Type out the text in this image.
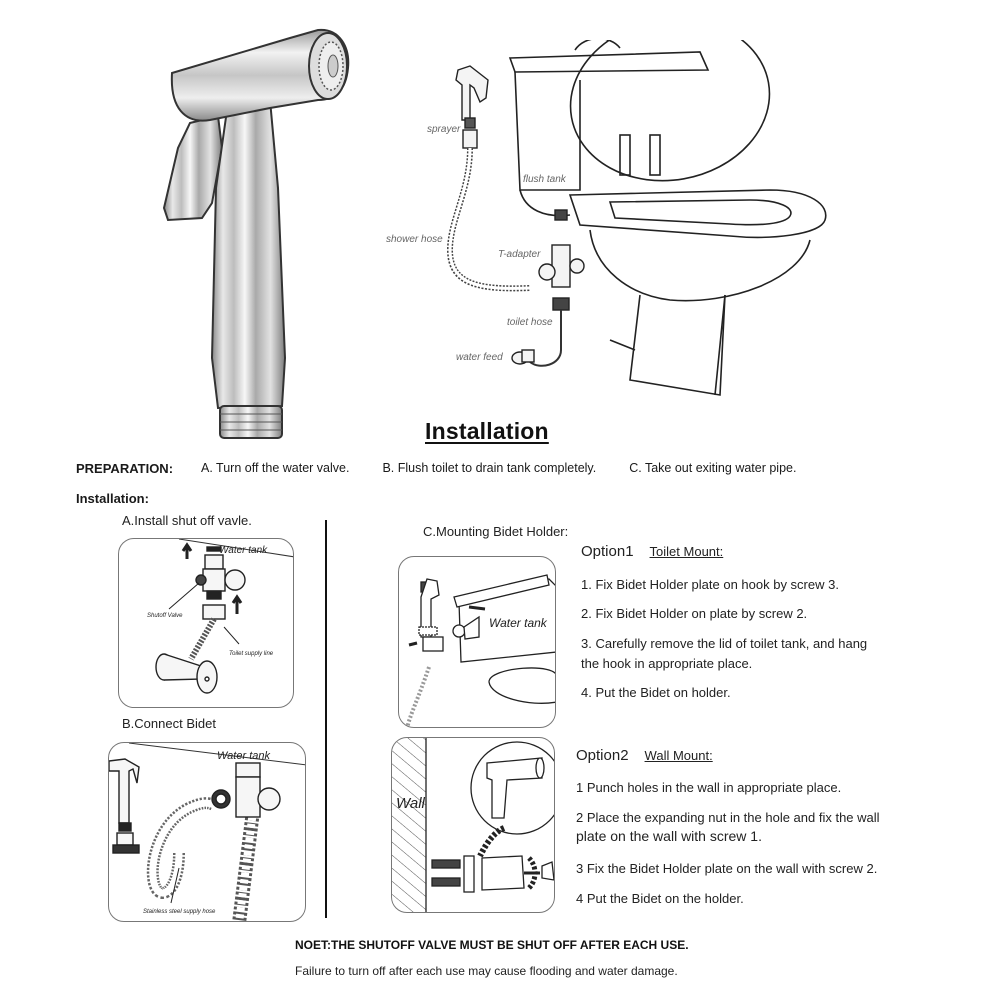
sprayer
flush tank
shower hose
T-adapter
toilet hose
water feed
Installation
PREPARATION:	A. Turn off the water valve.	B. Flush toilet to drain tank completely.	C. Take out exiting water pipe.
Installation:
A.Install shut off vavle.
Water tank
Shutoff Valve
Toilet supply line
B.Connect Bidet
Water tank
Stainless steel supply hose
C.Mounting Bidet Holder:
Water tank
Option1 Toilet Mount:
1. Fix Bidet Holder plate on hook by screw 3.
2. Fix Bidet Holder on plate by screw 2.
3. Carefully remove the lid of toilet tank, and hang
the hook in appropriate place.
4. Put the Bidet on holder.
Wall
Option2 Wall Mount:
1 Punch holes in the wall in appropriate place.
2 Place the expanding nut in the hole and fix the wall
plate on the wall with screw 1.
3 Fix the Bidet Holder plate on the wall with screw 2.
4 Put the Bidet on the holder.
NOET:THE SHUTOFF VALVE MUST BE SHUT OFF AFTER EACH USE.
Failure to turn off after each use may cause flooding and water damage.
